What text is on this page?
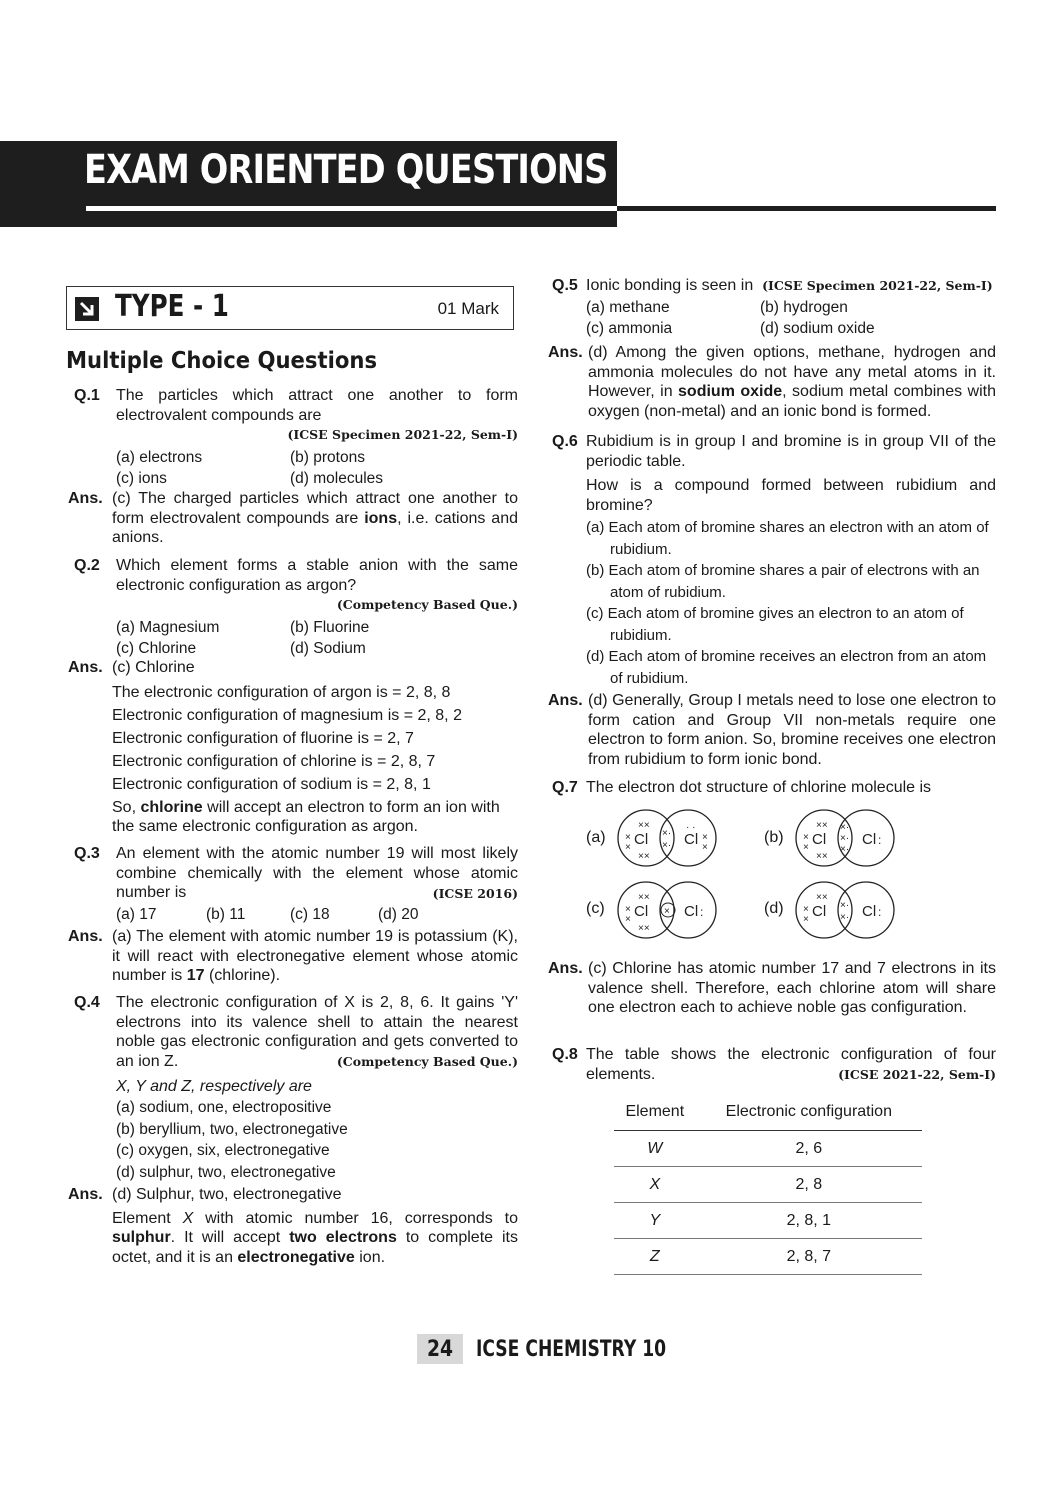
EXAM ORIENTED QUESTIONS
TYPE - 1	01 Mark
Multiple Choice Questions
Q.1 The particles which attract one another to form electrovalent compounds are
(ICSE Specimen 2021-22, Sem-I)
(a) electrons	(b) protons
(c) ions	(d) molecules
Ans. (c) The charged particles which attract one another to form electrovalent compounds are ions, i.e. cations and anions.
Q.2 Which element forms a stable anion with the same electronic configuration as argon?
(Competency Based Que.)
(a) Magnesium	(b) Fluorine
(c) Chlorine	(d) Sodium
Ans. (c) Chlorine
The electronic configuration of argon is = 2, 8, 8
Electronic configuration of magnesium is = 2, 8, 2
Electronic configuration of fluorine is = 2, 7
Electronic configuration of chlorine is = 2, 8, 7
Electronic configuration of sodium is = 2, 8, 1
So, chlorine will accept an electron to form an ion with the same electronic configuration as argon.
Q.3 An element with the atomic number 19 will most likely combine chemically with the element whose atomic number is	(ICSE 2016)
(a) 17	(b) 11	(c) 18	(d) 20
Ans. (a) The element with atomic number 19 is potassium (K), it will react with electronegative element whose atomic number is 17 (chlorine).
Q.4 The electronic configuration of X is 2, 8, 6. It gains 'Y' electrons into its valence shell to attain the nearest noble gas electronic configuration and gets converted to an ion Z.	(Competency Based Que.)
X, Y and Z, respectively are
(a) sodium, one, electropositive
(b) beryllium, two, electronegative
(c) oxygen, six, electronegative
(d) sulphur, two, electronegative
Ans. (d) Sulphur, two, electronegative
Element X with atomic number 16, corresponds to sulphur. It will accept two electrons to complete its octet, and it is an electronegative ion.
Q.5 Ionic bonding is seen in (ICSE Specimen 2021-22, Sem-I)
(a) methane	(b) hydrogen
(c) ammonia	(d) sodium oxide
Ans. (d) Among the given options, methane, hydrogen and ammonia molecules do not have any metal atoms in it. However, in sodium oxide, sodium metal combines with oxygen (non-metal) and an ionic bond is formed.
Q.6 Rubidium is in group I and bromine is in group VII of the periodic table.
How is a compound formed between rubidium and bromine?
(a) Each atom of bromine shares an electron with an atom of rubidium.
(b) Each atom of bromine shares a pair of electrons with an atom of rubidium.
(c) Each atom of bromine gives an electron to an atom of rubidium.
(d) Each atom of bromine receives an electron from an atom of rubidium.
Ans. (d) Generally, Group I metals need to lose one electron to form cation and Group VII non-metals require one electron to form anion. So, bromine receives one electron from rubidium to form ionic bond.
Q.7 The electron dot structure of chlorine molecule is
(a)	(b)
(c)	(d)
Cl Cl
××
××
×
×
×·
×·
· ·
×
×	Cl Cl
××
××
×
×
×·
×·
×·
:
Cl Cl
××
××
×
×
×	:	Cl Cl
××
×
×
×·
×· :
Ans. (c) Chlorine has atomic number 17 and 7 electrons in its valence shell. Therefore, each chlorine atom will share one electron each to achieve noble gas configuration.
Q.8 The table shows the electronic configuration of four elements.	(ICSE 2021-22, Sem-I)
Element	Electronic configuration
W	2, 6
X	2, 8
Y	2, 8, 1
Z	2, 8, 7
24 ICSE CHEMISTRY 10
